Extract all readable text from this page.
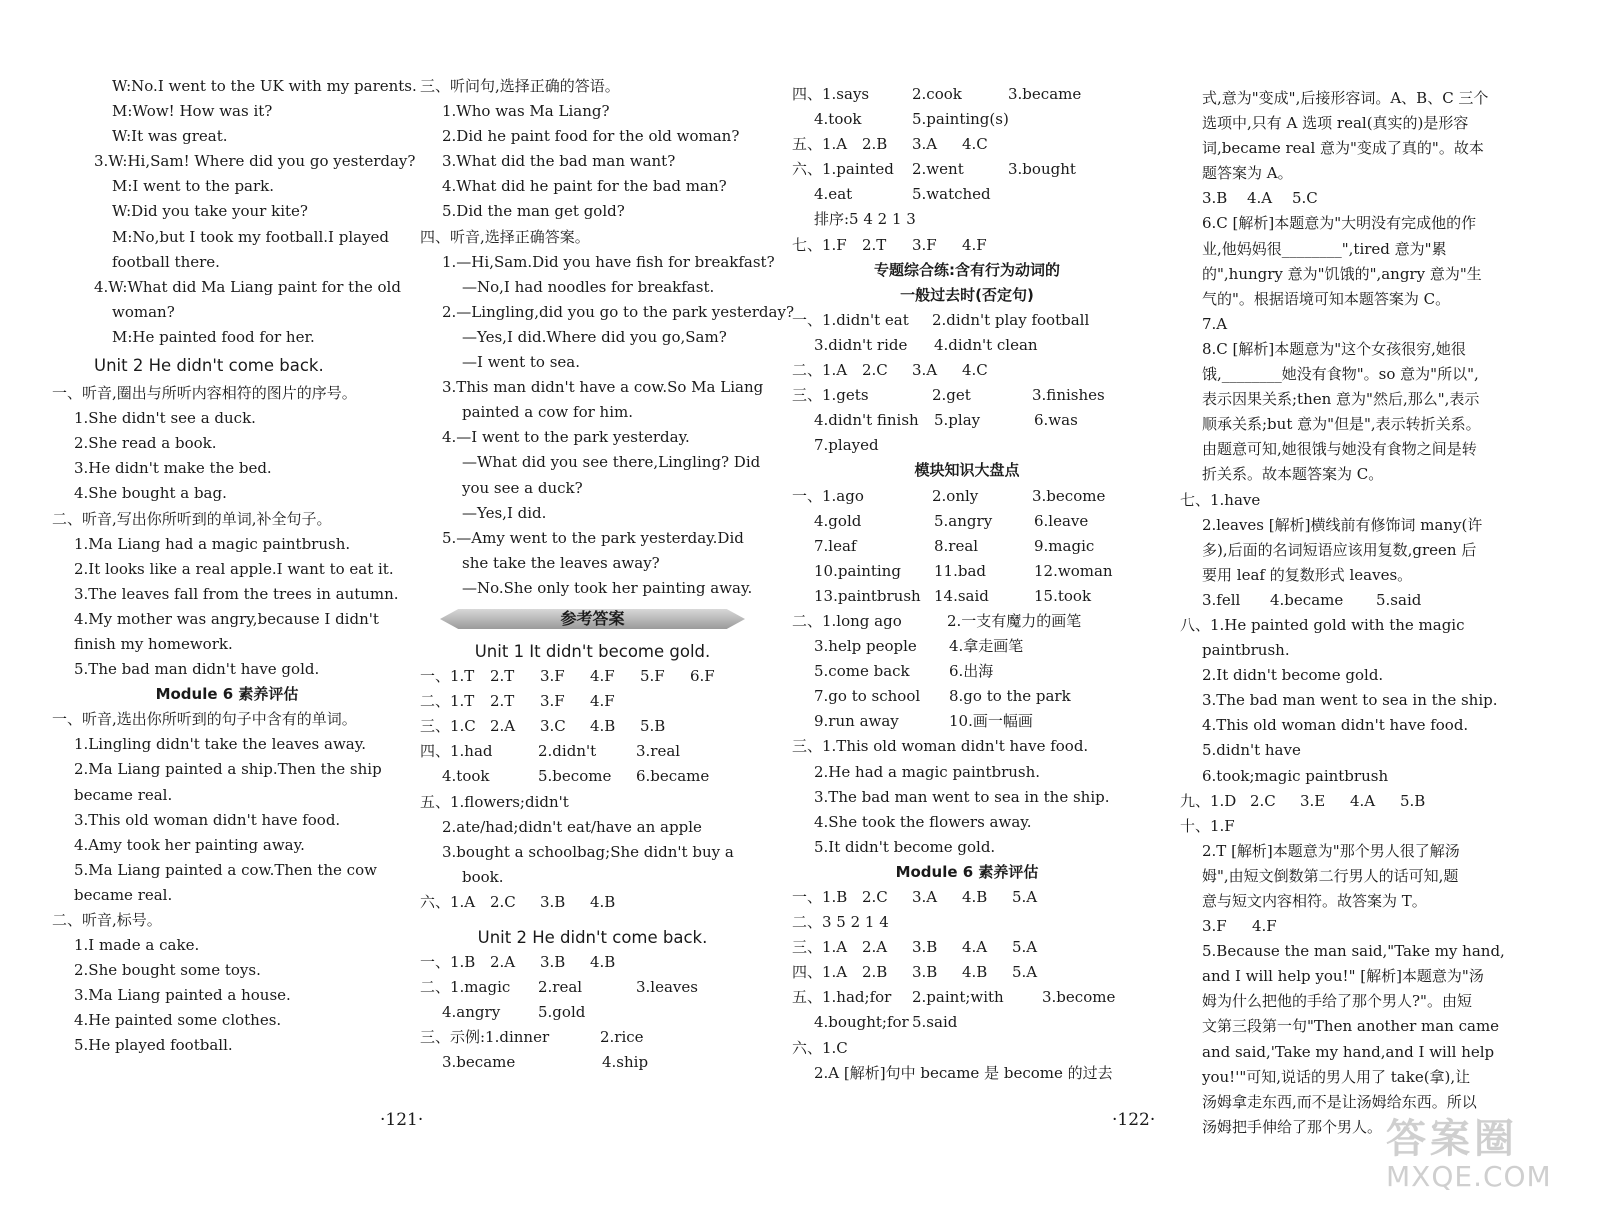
W:No.I went to the UK with my parents.
M:Wow! How was it?
W:It was great.
3.W:Hi,Sam! Where did you go yesterday?
M:I went to the park.
W:Did you take your kite?
M:No,but I took my football.I played
football there.
4.W:What did Ma Liang paint for the old
woman?
M:He painted food for her.
Unit 2 He didn't come back.
一、听音,圈出与所听内容相符的图片的序号。
1.She didn't see a duck.
2.She read a book.
3.He didn't make the bed.
4.She bought a bag.
二、听音,写出你所听到的单词,补全句子。
1.Ma Liang had a magic paintbrush.
2.It looks like a real apple.I want to eat it.
3.The leaves fall from the trees in autumn.
4.My mother was angry,because I didn't
finish my homework.
5.The bad man didn't have gold.
Module 6 素养评估
一、听音,选出你所听到的句子中含有的单词。
1.Lingling didn't take the leaves away.
2.Ma Liang painted a ship.Then the ship
became real.
3.This old woman didn't have food.
4.Amy took her painting away.
5.Ma Liang painted a cow.Then the cow
became real.
二、听音,标号。
1.I made a cake.
2.She bought some toys.
3.Ma Liang painted a house.
4.He painted some clothes.
5.He played football.
三、听问句,选择正确的答语。
1.Who was Ma Liang?
2.Did he paint food for the old woman?
3.What did the bad man want?
4.What did he paint for the bad man?
5.Did the man get gold?
四、听音,选择正确答案。
1.—Hi,Sam.Did you have fish for breakfast?
—No,I had noodles for breakfast.
2.—Lingling,did you go to the park yesterday?
—Yes,I did.Where did you go,Sam?
—I went to sea.
3.This man didn't have a cow.So Ma Liang
painted a cow for him.
4.—I went to the park yesterday.
—What did you see there,Lingling? Did
you see a duck?
—Yes,I did.
5.—Amy went to the park yesterday.Did
she take the leaves away?
—No.She only took her painting away.
参考答案
Unit 1 It didn't become gold.
一、1.T	2.T	3.F	4.F	5.F	6.F
二、1.T	2.T	3.F	4.F
三、1.C 2.A	3.C	4.B	5.B
四、1.had	2.didn't	3.real
4.took	5.become	6.became
五、1.flowers;didn't
2.ate/had;didn't eat/have an apple
3.bought a schoolbag;She didn't buy a
book.
六、1.A 2.C	3.B	4.B
Unit 2 He didn't come back.
一、1.B 2.A	3.B	4.B
二、1.magic	2.real	3.leaves
4.angry	5.gold
三、示例:1.dinner	2.rice
3.became	4.ship
四、1.says	2.cook	3.became
4.took	5.painting(s)
五、1.A 2.B	3.A	4.C
六、1.painted	2.went	3.bought
4.eat	5.watched
排序:5 4 2 1 3
七、1.F	2.T	3.F	4.F
专题综合练:含有行为动词的
一般过去时(否定句)
一、1.didn't eat	2.didn't play football
3.didn't ride	4.didn't clean
二、1.A 2.C	3.A	4.C
三、1.gets	2.get	3.finishes
4.didn't finish	5.play	6.was
7.played
模块知识大盘点
一、1.ago	2.only	3.become
4.gold	5.angry	6.leave
7.leaf	8.real	9.magic
10.painting	11.bad	12.woman
13.paintbrush 14.said	15.took
二、1.long ago	2.一支有魔力的画笔
3.help people	4.拿走画笔
5.come back	6.出海
7.go to school	8.go to the park
9.run away	10.画一幅画
三、1.This old woman didn't have food.
2.He had a magic paintbrush.
3.The bad man went to sea in the ship.
4.She took the flowers away.
5.It didn't become gold.
Module 6 素养评估
一、1.B 2.C	3.A	4.B	5.A
二、3 5 2 1 4
三、1.A 2.A	3.B	4.A	5.A
四、1.A 2.B	3.B	4.B	5.A
五、1.had;for	2.paint;with	3.become
4.bought;for 5.said
六、1.C
2.A [解析]句中 became 是 become 的过去
式,意为"变成",后接形容词。A、B、C 三个
选项中,只有 A 选项 real(真实的)是形容
词,became real 意为"变成了真的"。故本
题答案为 A。
3.B	4.A	5.C
6.C [解析]本题意为"大明没有完成他的作
业,他妈妈很________",tired 意为"累
的",hungry 意为"饥饿的",angry 意为"生
气的"。根据语境可知本题答案为 C。
7.A
8.C [解析]本题意为"这个女孩很穷,她很
饿,________她没有食物"。so 意为"所以",
表示因果关系;then 意为"然后,那么",表示
顺承关系;but 意为"但是",表示转折关系。
由题意可知,她很饿与她没有食物之间是转
折关系。故本题答案为 C。
七、1.have
2.leaves [解析]横线前有修饰词 many(许
多),后面的名词短语应该用复数,green 后
要用 leaf 的复数形式 leaves。
3.fell	4.became	5.said
八、1.He painted gold with the magic
paintbrush.
2.It didn't become gold.
3.The bad man went to sea in the ship.
4.This old woman didn't have food.
5.didn't have
6.took;magic paintbrush
九、1.D 2.C	3.E	4.A	5.B
十、1.F
2.T [解析]本题意为"那个男人很了解汤
姆",由短文倒数第二行男人的话可知,题
意与短文内容相符。故答案为 T。
3.F	4.F
5.Because the man said,"Take my hand,
and I will help you!" [解析]本题意为"汤
姆为什么把他的手给了那个男人?"。由短
文第三段第一句"Then another man came
and said,'Take my hand,and I will help
you!'"可知,说话的男人用了 take(拿),让
汤姆拿走东西,而不是让汤姆给东西。所以
汤姆把手伸给了那个男人。
·121·	·122·	答案圈
MXQE.COM
